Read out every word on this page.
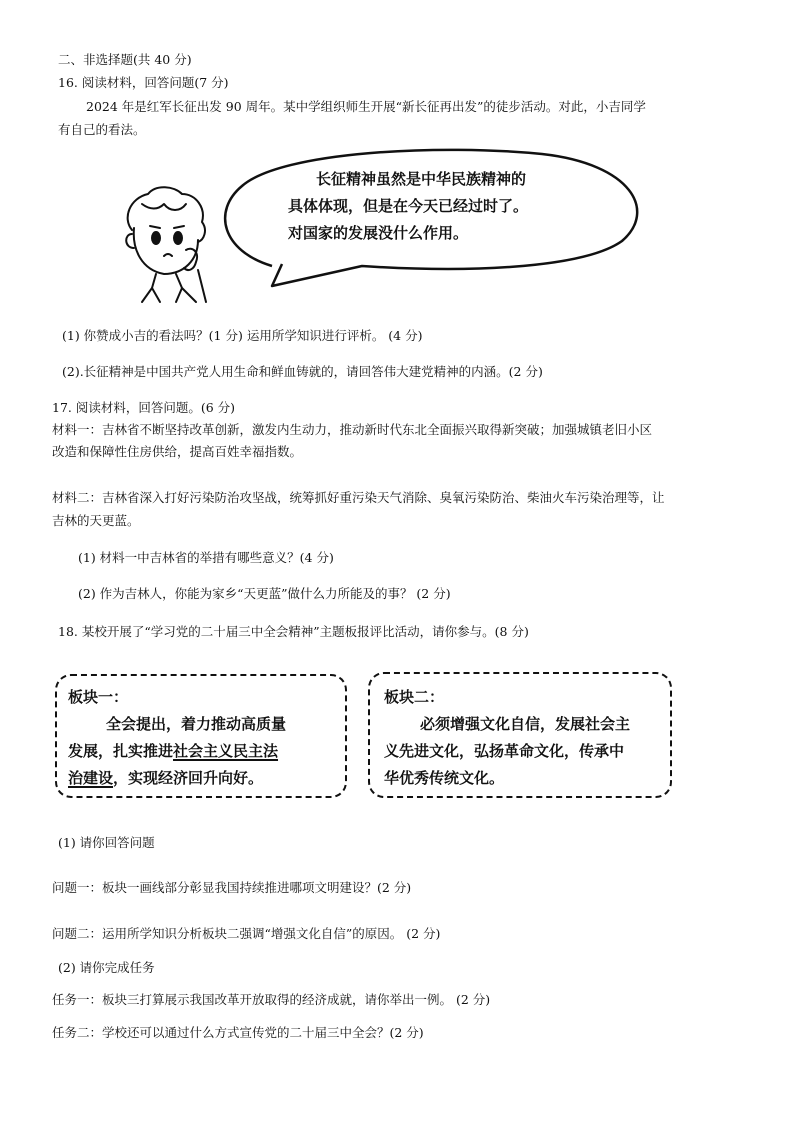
二、非选择题(共 40 分)
16. 阅读材料，回答问题(7 分)
2024 年是红军长征出发 90 周年。某中学组织师生开展“新长征再出发”的徒步活动。对此，小吉同学
有自己的看法。
长征精神虽然是中华民族精神的
具体体现，但是在今天已经过时了。
对国家的发展没什么作用。
(1) 你赞成小吉的看法吗？(1 分) 运用所学知识进行评析。 (4 分)
(2).长征精神是中国共产党人用生命和鲜血铸就的，请回答伟大建党精神的内涵。(2 分)
17. 阅读材料，回答问题。(6 分)
材料一：吉林省不断坚持改革创新，激发内生动力，推动新时代东北全面振兴取得新突破；加强城镇老旧小区
改造和保障性住房供给，提高百姓幸福指数。
材料二：吉林省深入打好污染防治攻坚战，统筹抓好重污染天气消除、臭氧污染防治、柴油火车污染治理等，让
吉林的天更蓝。
(1) 材料一中吉林省的举措有哪些意义？(4 分)
(2) 作为吉林人，你能为家乡“天更蓝”做什么力所能及的事？ (2 分)
18. 某校开展了“学习党的二十届三中全会精神”主题板报评比活动，请你参与。(8 分)
板块一：
全会提出，着力推动高质量
发展，扎实推进社会主义民主法
治建设，实现经济回升向好。
板块二：
必须增强文化自信，发展社会主
义先进文化，弘扬革命文化，传承中
华优秀传统文化。
(1) 请你回答问题
问题一：板块一画线部分彰显我国持续推进哪项文明建设？(2 分)
问题二：运用所学知识分析板块二强调“增强文化自信”的原因。 (2 分)
(2) 请你完成任务
任务一：板块三打算展示我国改革开放取得的经济成就，请你举出一例。 (2 分)
任务二：学校还可以通过什么方式宣传党的二十届三中全会？(2 分)
